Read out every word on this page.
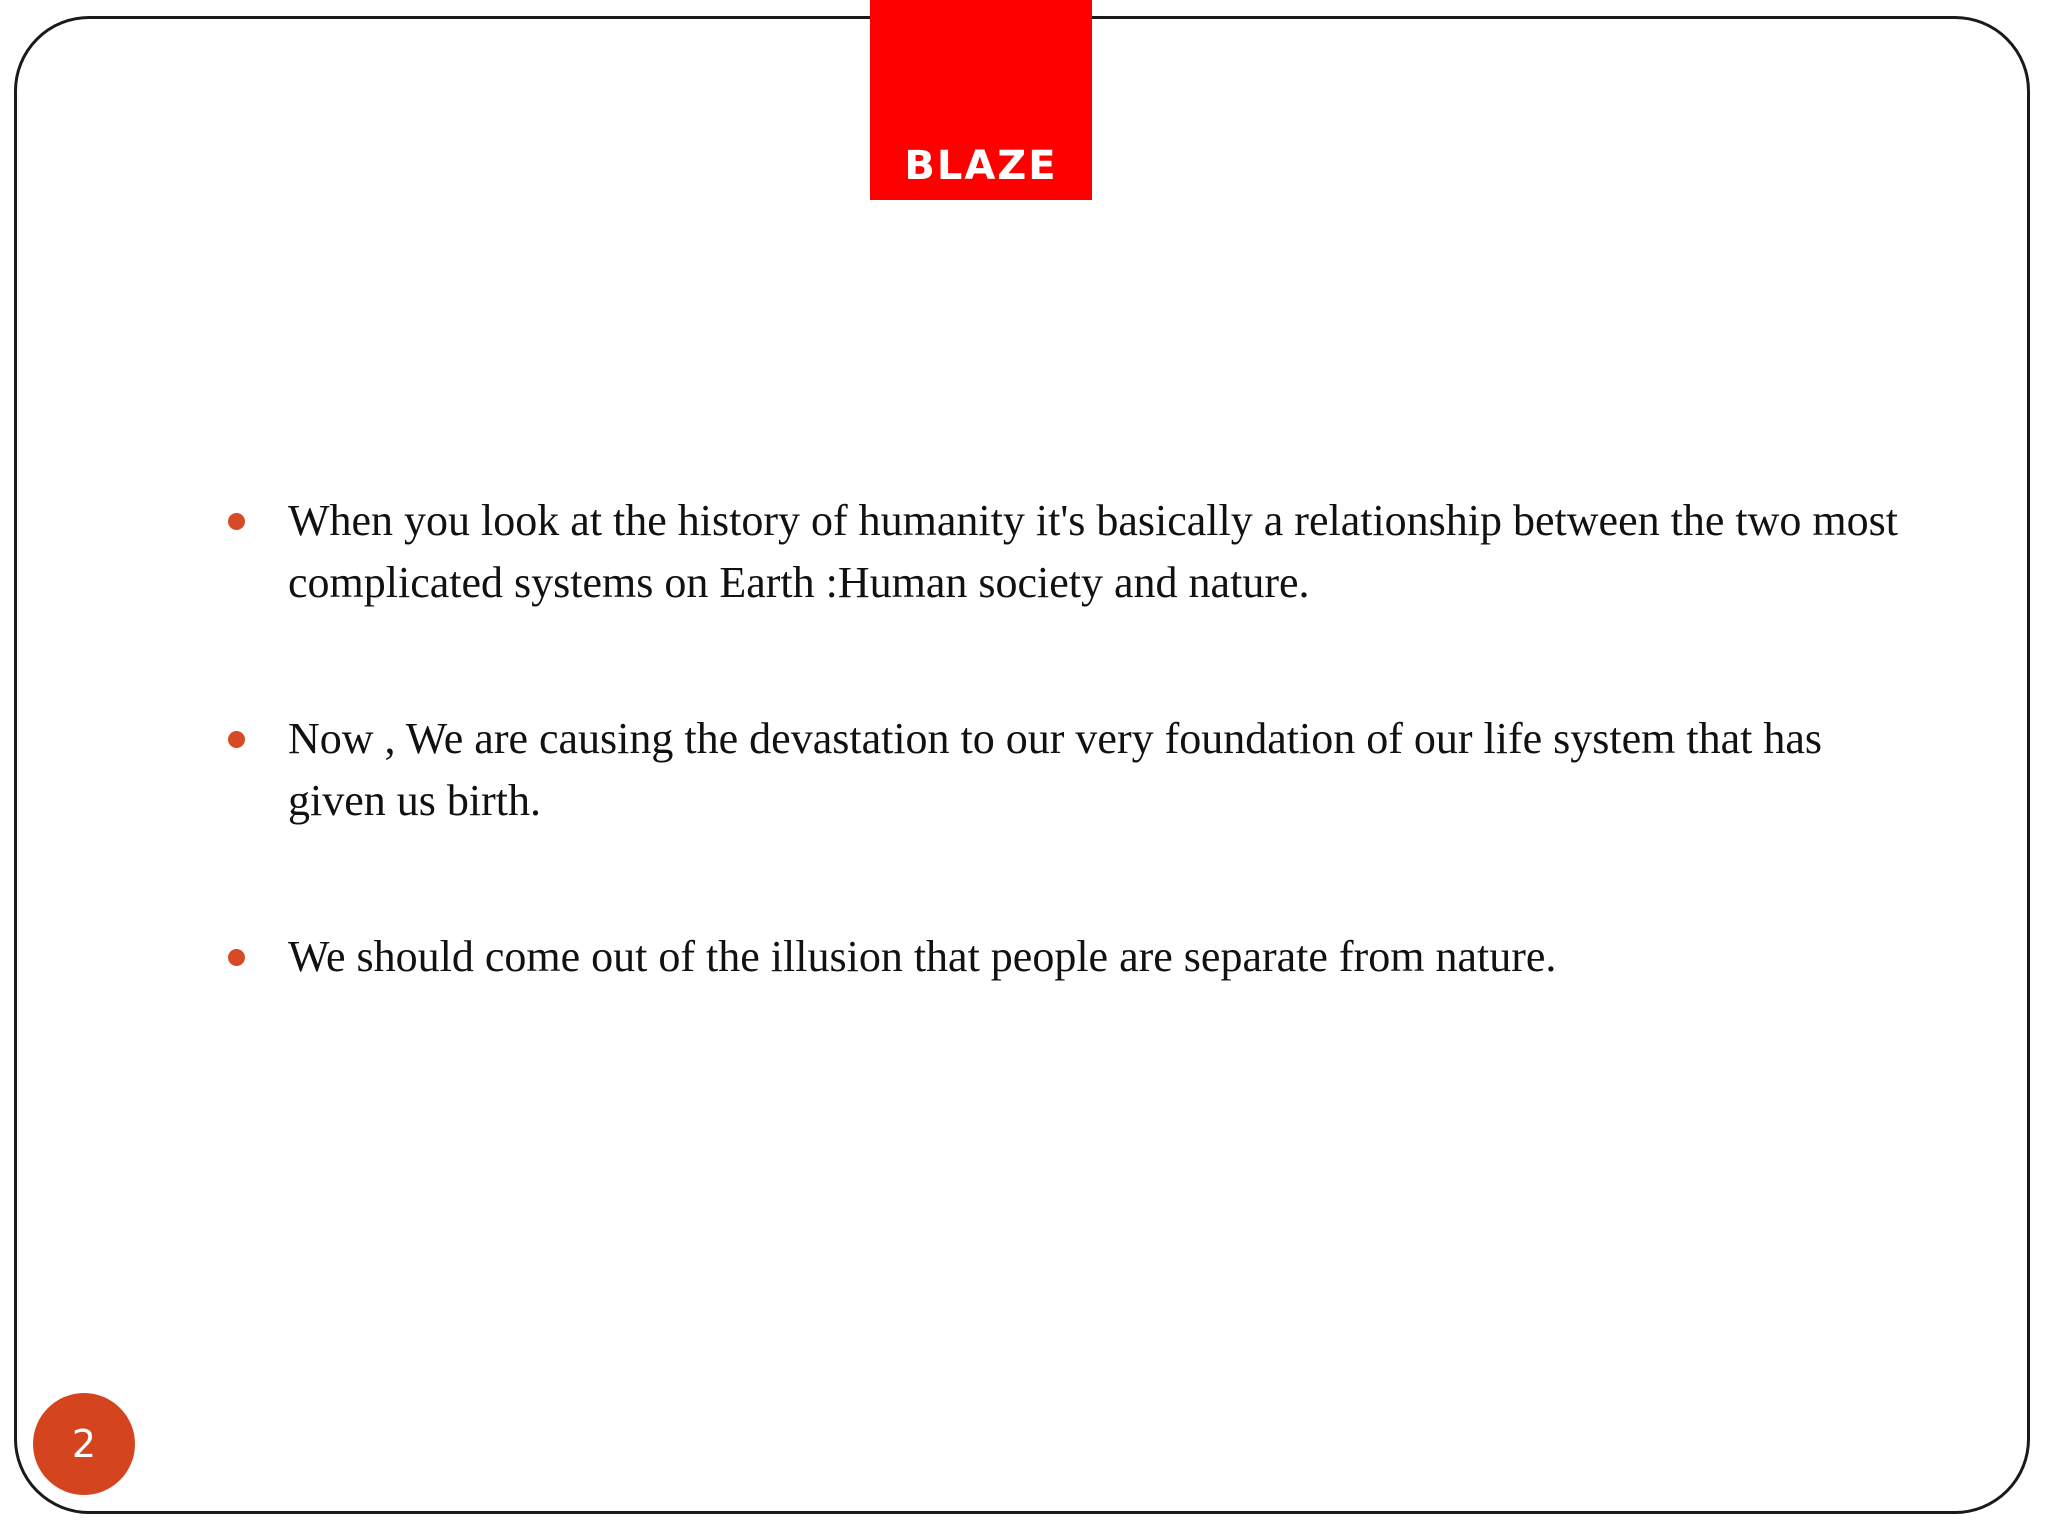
BLAZE
When you look at the history of humanity it's basically a relationship between the two most complicated systems on Earth :Human society and nature.
Now , We are causing the devastation to our very foundation of our life system that has given us birth.
We should come out of the illusion that people are separate from nature.
2
